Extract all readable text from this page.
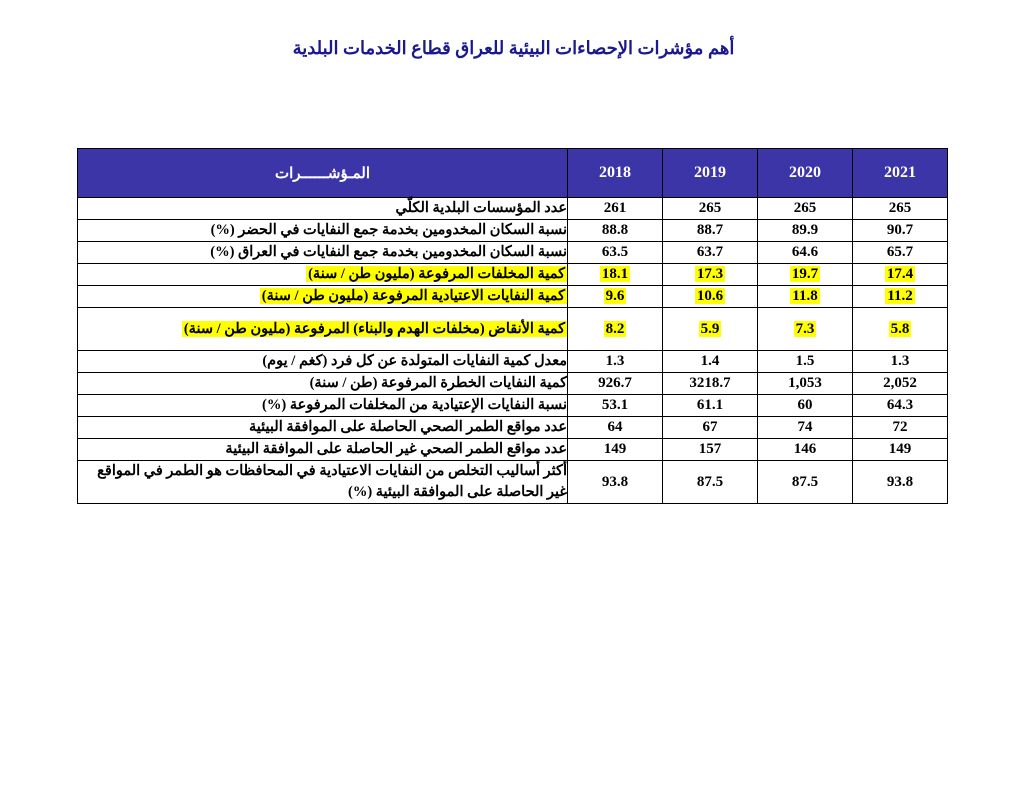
أهم مؤشرات الإحصاءات البيئية للعراق قطاع الخدمات البلدية
2021	2020	2019	2018	المـؤشــــــرات
265	265	265	261	عدد المؤسسات البلدية الكلّي
90.7	89.9	88.7	88.8	نسبة السكان المخدومين بخدمة جمع النفايات في الحضر (%)
65.7	64.6	63.7	63.5	نسبة السكان المخدومين بخدمة جمع النفايات في العراق (%)
17.4	19.7	17.3	18.1	كمية المخلفات المرفوعة (مليون طن / سنة)
11.2	11.8	10.6	9.6	كمية النفايات الاعتيادية المرفوعة (مليون طن / سنة)
5.8	7.3	5.9	8.2	كمية الأنقاض (مخلفات الهدم والبناء) المرفوعة (مليون طن / سنة)
1.3	1.5	1.4	1.3	معدل كمية النفايات المتولدة عن كل فرد (كغم / يوم)
2,052	1,053	3218.7	926.7	كمية النفايات الخطرة المرفوعة (طن / سنة)
64.3	60	61.1	53.1	نسبة النفايات الإعتيادية من المخلفات المرفوعة (%)
72	74	67	64	عدد مواقع الطمر الصحي الحاصلة على الموافقة البيئية
149	146	157	149	عدد مواقع الطمر الصحي غير الحاصلة على الموافقة البيئية
93.8	87.5	87.5	93.8	أكثر أساليب التخلص من النفايات الاعتيادية في المحافظات هو الطمر في المواقع غير الحاصلة على الموافقة البيئية (%)
